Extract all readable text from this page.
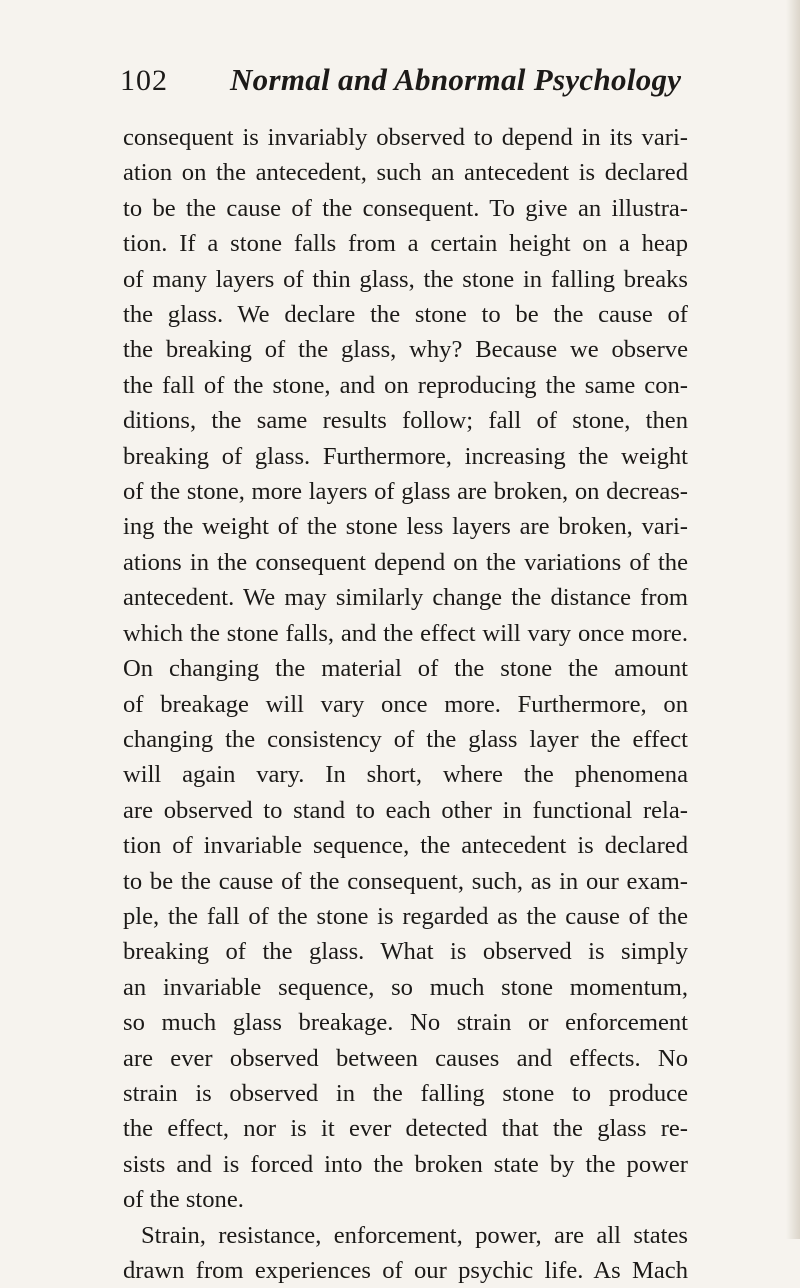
102 Normal and Abnormal Psychology
consequent is invariably observed to depend in its vari-
ation on the antecedent, such an antecedent is declared
to be the cause of the consequent. To give an illustra-
tion. If a stone falls from a certain height on a heap
of many layers of thin glass, the stone in falling breaks
the glass. We declare the stone to be the cause of
the breaking of the glass, why? Because we observe
the fall of the stone, and on reproducing the same con-
ditions, the same results follow; fall of stone, then
breaking of glass. Furthermore, increasing the weight
of the stone, more layers of glass are broken, on decreas-
ing the weight of the stone less layers are broken, vari-
ations in the consequent depend on the variations of the
antecedent. We may similarly change the distance from
which the stone falls, and the effect will vary once more.
On changing the material of the stone the amount
of breakage will vary once more. Furthermore, on
changing the consistency of the glass layer the effect
will again vary. In short, where the phenomena
are observed to stand to each other in functional rela-
tion of invariable sequence, the antecedent is declared
to be the cause of the consequent, such, as in our exam-
ple, the fall of the stone is regarded as the cause of the
breaking of the glass. What is observed is simply
an invariable sequence, so much stone momentum,
so much glass breakage. No strain or enforcement
are ever observed between causes and effects. No
strain is observed in the falling stone to produce
the effect, nor is it ever detected that the glass re-
sists and is forced into the broken state by the power
of the stone.
Strain, resistance, enforcement, power, are all states
drawn from experiences of our psychic life. As Mach
